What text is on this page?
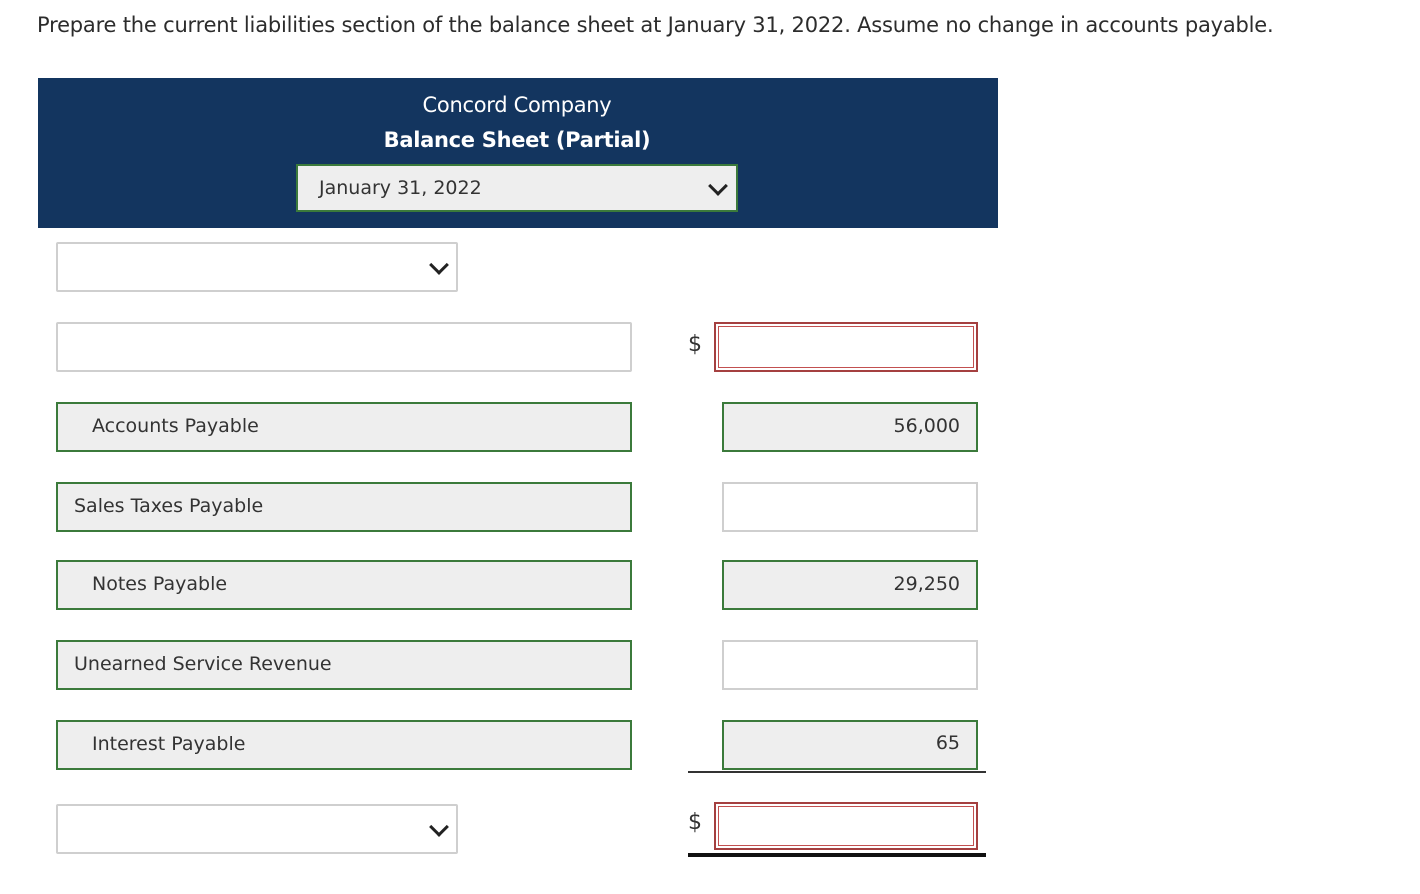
Prepare the current liabilities section of the balance sheet at January 31, 2022. Assume no change in accounts payable.
Concord Company
Balance Sheet (Partial)
January 31, 2022
$
Accounts Payable	56,000
Sales Taxes Payable
Notes Payable	29,250
Unearned Service Revenue
Interest Payable	65
$
